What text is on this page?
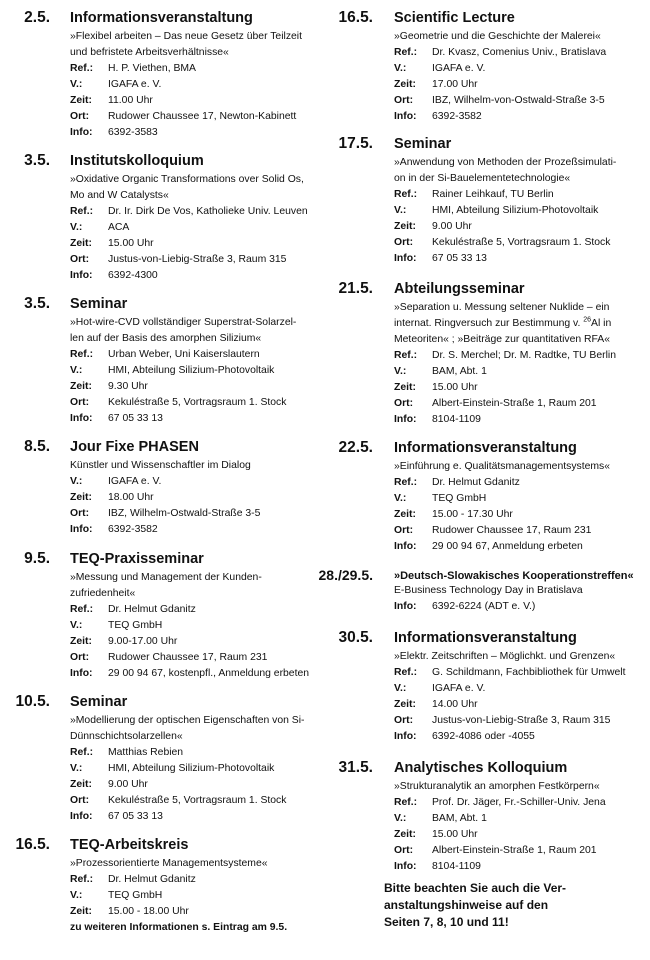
2.5. Informationsveranstaltung
»Flexibel arbeiten – Das neue Gesetz über Teilzeit
und befristete Arbeitsverhältnisse«
Ref.: H. P. Viethen, BMA
V.: IGAFA e. V.
Zeit: 11.00 Uhr
Ort: Rudower Chaussee 17, Newton-Kabinett
Info: 6392-3583
3.5. Institutskolloquium
»Oxidative Organic Transformations over Solid Os,
Mo and W Catalysts«
Ref.: Dr. Ir. Dirk De Vos, Katholieke Univ. Leuven
V.: ACA
Zeit: 15.00 Uhr
Ort: Justus-von-Liebig-Straße 3, Raum 315
Info: 6392-4300
3.5. Seminar
»Hot-wire-CVD vollständiger Superstrat-Solarzel-
len auf der Basis des amorphen Silizium«
Ref.: Urban Weber, Uni Kaiserslautern
V.: HMI, Abteilung Silizium-Photovoltaik
Zeit: 9.30 Uhr
Ort: Kekuléstraße 5, Vortragsraum 1. Stock
Info: 67 05 33 13
8.5. Jour Fixe PHASEN
Künstler und Wissenschaftler im Dialog
V.: IGAFA e. V.
Zeit: 18.00 Uhr
Ort: IBZ, Wilhelm-Ostwald-Straße 3-5
Info: 6392-3582
9.5. TEQ-Praxisseminar
»Messung und Management der Kunden-
zufriedenheit«
Ref.: Dr. Helmut Gdanitz
V.: TEQ GmbH
Zeit: 9.00-17.00 Uhr
Ort: Rudower Chaussee 17, Raum 231
Info: 29 00 94 67, kostenpfl., Anmeldung erbeten
10.5. Seminar
»Modellierung der optischen Eigenschaften von Si-
Dünnschichtsolarzellen«
Ref.: Matthias Rebien
V.: HMI, Abteilung Silizium-Photovoltaik
Zeit: 9.00 Uhr
Ort: Kekuléstraße 5, Vortragsraum 1. Stock
Info: 67 05 33 13
16.5. TEQ-Arbeitskreis
»Prozessorientierte Managementsysteme«
Ref.: Dr. Helmut Gdanitz
V.: TEQ GmbH
Zeit: 15.00 - 18.00 Uhr
zu weiteren Informationen s. Eintrag am 9.5.
16.5. Scientific Lecture
»Geometrie und die Geschichte der Malerei«
Ref.: Dr. Kvasz, Comenius Univ., Bratislava
V.: IGAFA e. V.
Zeit: 17.00 Uhr
Ort: IBZ, Wilhelm-von-Ostwald-Straße 3-5
Info: 6392-3582
17.5. Seminar
»Anwendung von Methoden der Prozeßsimulati-
on in der Si-Bauelementetechnologie«
Ref.: Rainer Leihkauf, TU Berlin
V.: HMI, Abteilung Silizium-Photovoltaik
Zeit: 9.00 Uhr
Ort: Kekuléstraße 5, Vortragsraum 1. Stock
Info: 67 05 33 13
21.5. Abteilungsseminar
»Separation u. Messung seltener Nuklide – ein
internat. Ringversuch zur Bestimmung v. $^{26}$Al in
Meteoriten« ; »Beiträge zur quantitativen RFA«
Ref.: Dr. S. Merchel; Dr. M. Radtke, TU Berlin
V.: BAM, Abt. 1
Zeit: 15.00 Uhr
Ort: Albert-Einstein-Straße 1, Raum 201
Info: 8104-1109
22.5. Informationsveranstaltung
»Einführung e. Qualitätsmanagementsystems«
Ref.: Dr. Helmut Gdanitz
V.: TEQ GmbH
Zeit: 15.00 - 17.30 Uhr
Ort: Rudower Chaussee 17, Raum 231
Info: 29 00 94 67, Anmeldung erbeten
28./29.5. »Deutsch-Slowakisches Kooperationstreffen«
E-Business Technology Day in Bratislava
Info: 6392-6224 (ADT e. V.)
30.5. Informationsveranstaltung
»Elektr. Zeitschriften – Möglichkt. und Grenzen«
Ref.: G. Schildmann, Fachbibliothek für Umwelt
V.: IGAFA e. V.
Zeit: 14.00 Uhr
Ort: Justus-von-Liebig-Straße 3, Raum 315
Info: 6392-4086 oder -4055
31.5. Analytisches Kolloquium
»Strukturanalytik an amorphen Festkörpern«
Ref.: Prof. Dr. Jäger, Fr.-Schiller-Univ. Jena
V.: BAM, Abt. 1
Zeit: 15.00 Uhr
Ort: Albert-Einstein-Straße 1, Raum 201
Info: 8104-1109
Bitte beachten Sie auch die Ver-
anstaltungshinweise auf den
Seiten 7, 8, 10 und 11!
